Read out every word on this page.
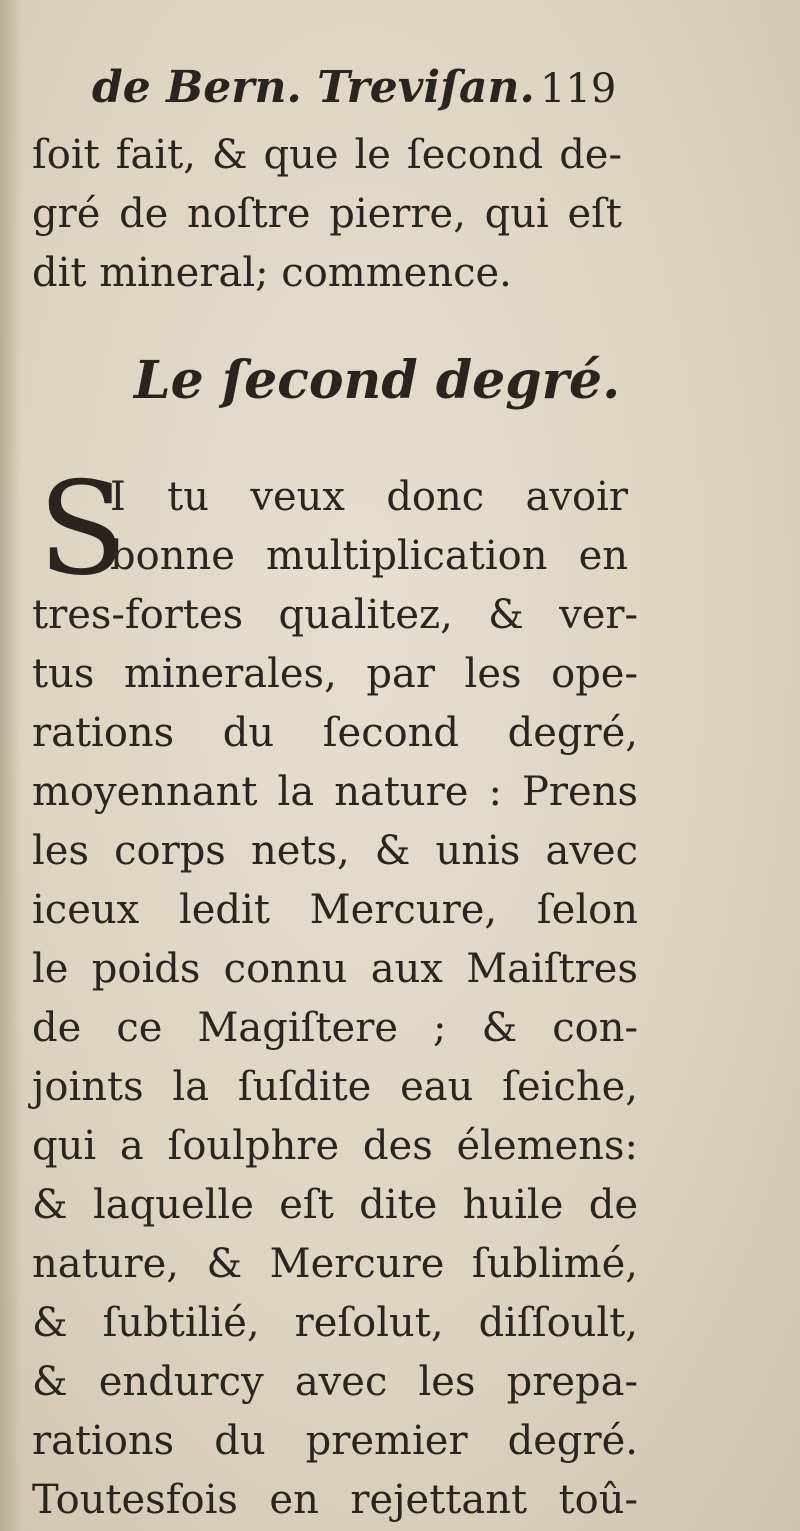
de Bern. Treviſan. 119
ſoit fait, & que le ſecond de-
gré de noſtre pierre, qui eſt
dit mineral; commence.
Le ſecond degré.
S
I tu veux donc avoir
bonne multiplication en
tres-fortes qualitez, & ver-
tus minerales, par les ope-
rations du ſecond degré,
moyennant la nature : Prens
les corps nets, & unis avec
iceux ledit Mercure, ſelon
le poids connu aux Maiſtres
de ce Magiſtere ; & con-
joints la ſuſdite eau ſeiche,
qui a ſoulphre des élemens:
& laquelle eſt dite huile de
nature, & Mercure ſublimé,
& ſubtilié, reſolut, diſſoult,
& endurcy avec les prepa-
rations du premier degré.
Toutesfois en rejettant toû-
